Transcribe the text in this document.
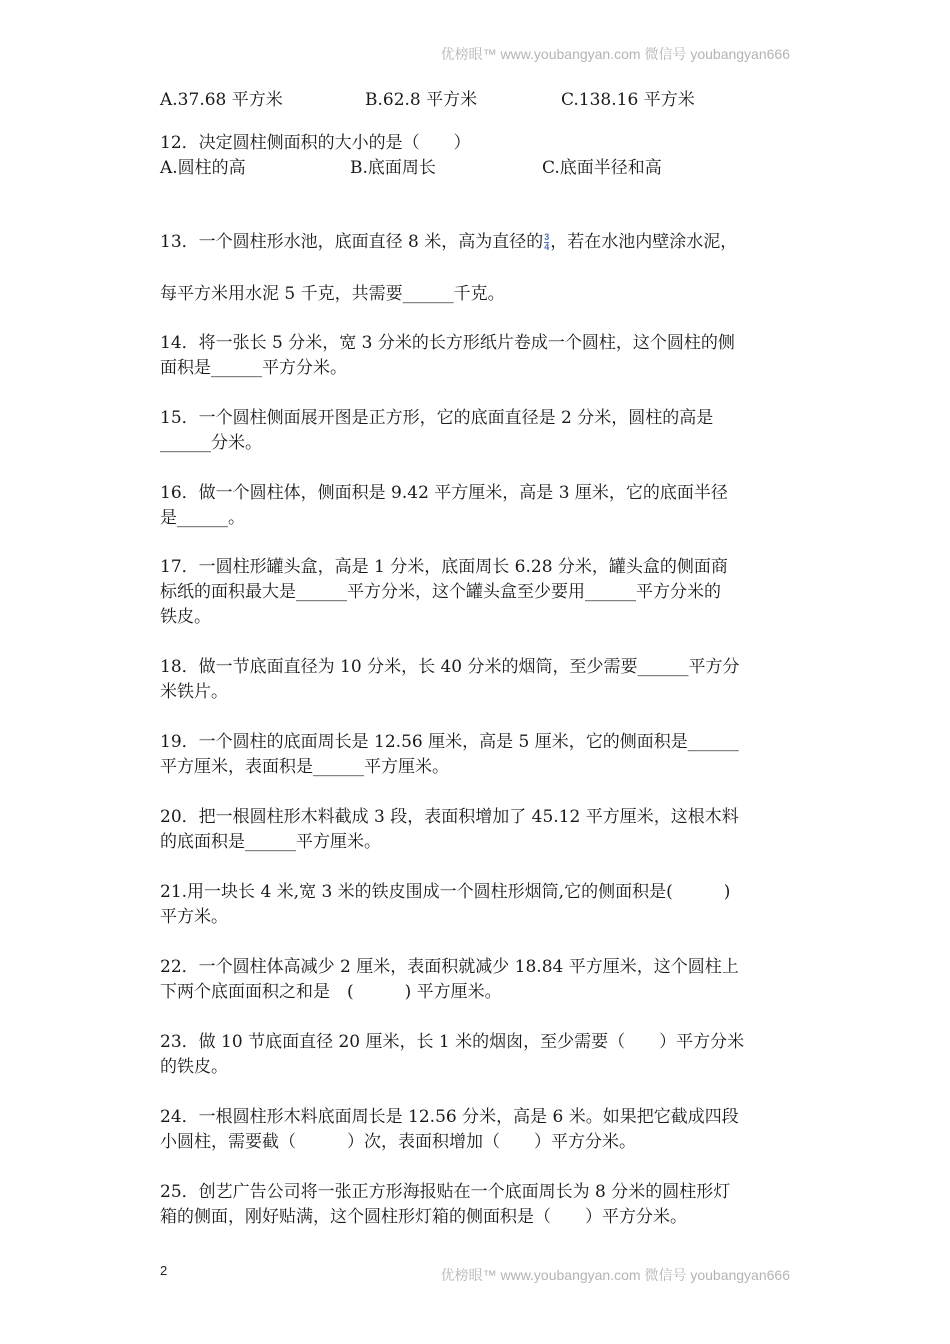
优榜眼™ www.youbangyan.com 微信号 youbangyan666
A.37.68 平方米	B.62.8 平方米	C.138.16 平方米
12．决定圆柱侧面积的大小的是（　　）
A.圆柱的高	B.底面周长	C.底面半径和高
13．一个圆柱形水池，底面直径 8 米，高为直径的 $\frac{3}{4}$ ，若在水池内壁涂水泥，
每平方米用水泥 5 千克，共需要______千克。
14．将一张长 5 分米，宽 3 分米的长方形纸片卷成一个圆柱，这个圆柱的侧
面积是______平方分米。
15．一个圆柱侧面展开图是正方形，它的底面直径是 2 分米，圆柱的高是
______分米。
16．做一个圆柱体，侧面积是 9.42 平方厘米，高是 3 厘米，它的底面半径
是______。
17．一圆柱形罐头盒，高是 1 分米，底面周长 6.28 分米，罐头盒的侧面商
标纸的面积最大是______平方分米，这个罐头盒至少要用______平方分米的
铁皮。
18．做一节底面直径为 10 分米，长 40 分米的烟筒，至少需要______平方分
米铁片。
19．一个圆柱的底面周长是 12.56 厘米，高是 5 厘米，它的侧面积是______
平方厘米，表面积是______平方厘米。
20．把一根圆柱形木料截成 3 段，表面积增加了 45.12 平方厘米，这根木料
的底面积是______平方厘米。
21.用一块长 4 米,宽 3 米的铁皮围成一个圆柱形烟筒,它的侧面积是(　　　)
平方米。
22．一个圆柱体高减少 2 厘米，表面积就减少 18.84 平方厘米，这个圆柱上
下两个底面面积之和是　(　　　) 平方厘米。
23．做 10 节底面直径 20 厘米，长 1 米的烟囱，至少需要（　　）平方分米
的铁皮。
24．一根圆柱形木料底面周长是 12.56 分米，高是 6 米。如果把它截成四段
小圆柱，需要截（　　　）次，表面积增加（　　）平方分米。
25．创艺广告公司将一张正方形海报贴在一个底面周长为 8 分米的圆柱形灯
箱的侧面，刚好贴满，这个圆柱形灯箱的侧面积是（　　）平方分米。
2	优榜眼™ www.youbangyan.com 微信号 youbangyan666
